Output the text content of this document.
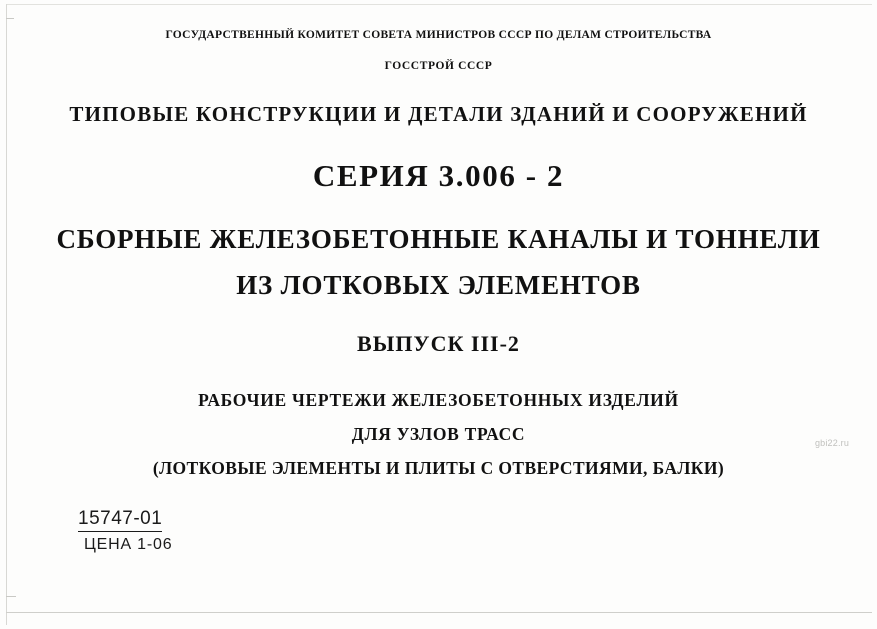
ГОСУДАРСТВЕННЫЙ КОМИТЕТ СОВЕТА МИНИСТРОВ СССР ПО ДЕЛАМ СТРОИТЕЛЬСТВА
ГОССТРОЙ СССР
ТИПОВЫЕ КОНСТРУКЦИИ И ДЕТАЛИ ЗДАНИЙ И СООРУЖЕНИЙ
СЕРИЯ 3.006 - 2
СБОРНЫЕ ЖЕЛЕЗОБЕТОННЫЕ КАНАЛЫ И ТОННЕЛИ
ИЗ ЛОТКОВЫХ ЭЛЕМЕНТОВ
ВЫПУСК III-2
РАБОЧИЕ ЧЕРТЕЖИ ЖЕЛЕЗОБЕТОННЫХ ИЗДЕЛИЙ
ДЛЯ УЗЛОВ ТРАСС
(ЛОТКОВЫЕ ЭЛЕМЕНТЫ И ПЛИТЫ С ОТВЕРСТИЯМИ, БАЛКИ)
15747-01
ЦЕНА 1-06
gbi22.ru
